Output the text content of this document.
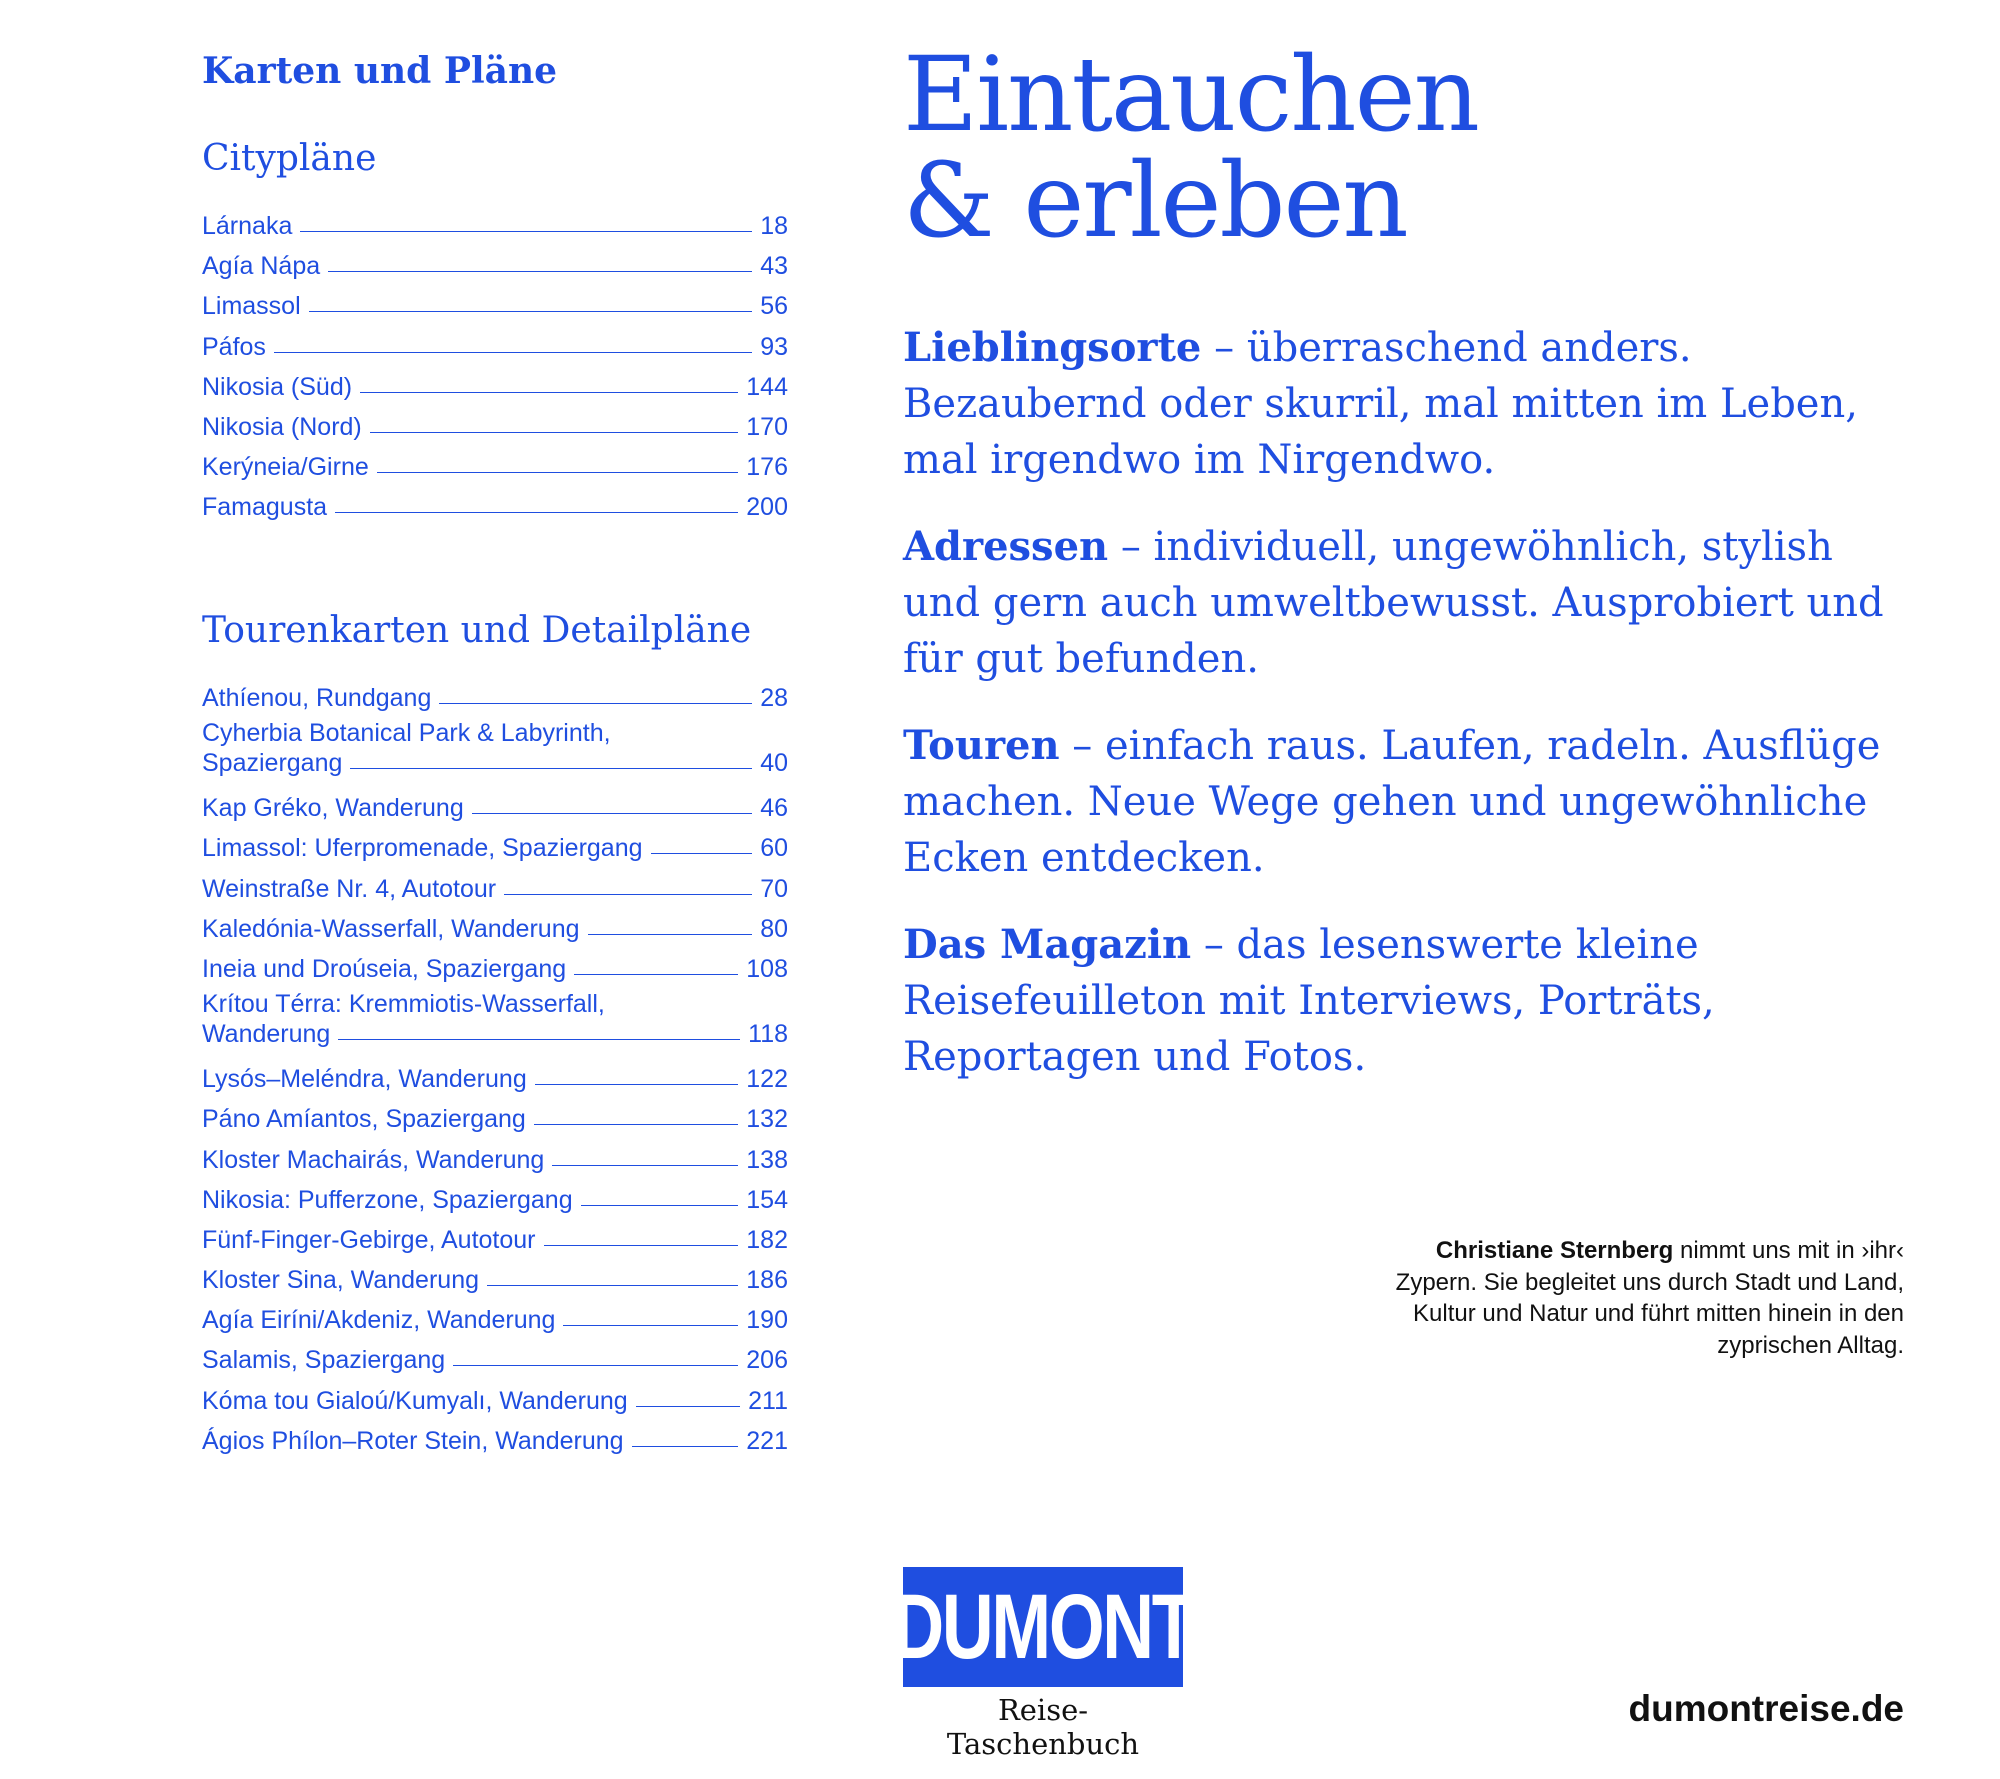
Karten und Pläne
Citypläne
Lárnaka	18
Agía Nápa	43
Limassol	56
Páfos	93
Nikosia (Süd)	144
Nikosia (Nord)	170
Kerýneia/Girne	176
Famagusta	200
Tourenkarten und Detailpläne
Athíenou, Rundgang	28
Cyherbia Botanical Park & Labyrinth,
Spaziergang	40
Kap Gréko, Wanderung	46
Limassol: Uferpromenade, Spaziergang	60
Weinstraße Nr. 4, Autotour	70
Kaledónia-Wasserfall, Wanderung	80
Ineia und Droúseia, Spaziergang	108
Krítou Térra: Kremmiotis-Wasserfall,
Wanderung	118
Lysós–Meléndra, Wanderung	122
Páno Amíantos, Spaziergang	132
Kloster Machairás, Wanderung	138
Nikosia: Pufferzone, Spaziergang	154
Fünf-Finger-Gebirge, Autotour	182
Kloster Sina, Wanderung	186
Agía Eiríni/Akdeniz, Wanderung	190
Salamis, Spaziergang	206
Kóma tou Gialoú/Kumyalı, Wanderung	211
Ágios Phílon–Roter Stein, Wanderung	221
Eintauchen
& erleben

Lieblingsorte – überraschend anders. Bezaubernd oder skurril, mal mitten im Leben, mal irgendwo im Nirgendwo.

Adressen – individuell, ungewöhnlich, stylish und gern auch umweltbewusst. Ausprobiert und für gut befunden.

Touren – einfach raus. Laufen, radeln. Ausflüge machen. Neue Wege gehen und ungewöhnliche Ecken entdecken.

Das Magazin – das lesenswerte kleine Reisefeuilleton mit Interviews, Porträts, Reportagen und Fotos.

Christiane Sternberg nimmt uns mit in ›ihr‹ Zypern. Sie begleitet uns durch Stadt und Land, Kultur und Natur und führt mitten hinein in den zyprischen Alltag.
DUMONT
Reise-Taschenbuch
dumontreise.de
